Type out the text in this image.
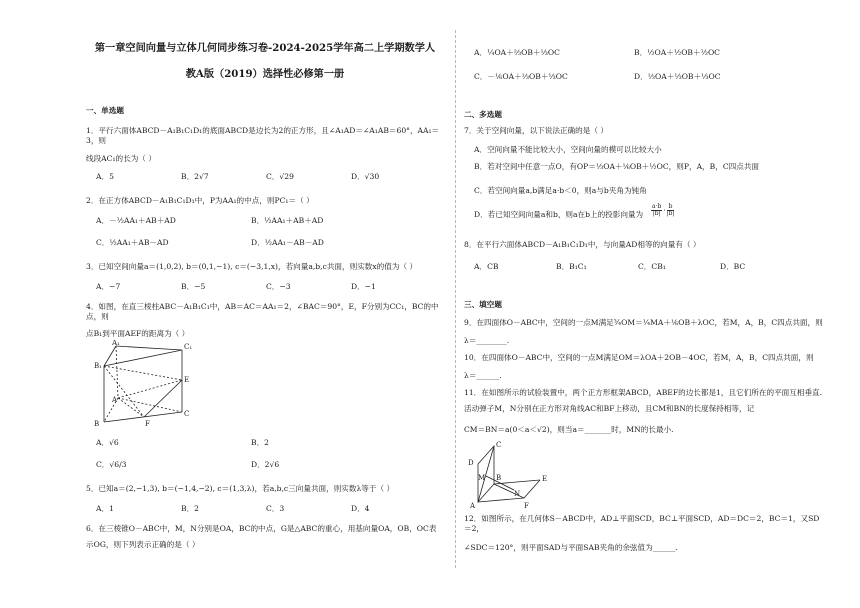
第一章空间向量与立体几何同步练习卷-2024-2025学年高二上学期数学人
教A版（2019）选择性必修第一册
一、单选题
1．平行六面体ABCD－A₁B₁C₁D₁的底面ABCD是边长为2的正方形，且∠A₁AD＝∠A₁AB＝60°，AA₁＝3，则
线段AC₁的长为（ ）
A．5	B．2√7	C．√29	D．√30
2．在正方体ABCD－A₁B₁C₁D₁中，P为AA₁的中点，则PC₁＝（ ）
A．－½AA₁＋AB＋AD	B．½AA₁＋AB＋AD
C．½AA₁＋AB－AD	D．½AA₁－AB－AD
3．已知空间向量a＝(1,0,2), b＝(0,1,−1), c＝(−3,1,x)，若向量a,b,c共面，则实数x的值为（ ）
A．−7	B．−5	C．−3	D．−1
4．如图，在直三棱柱ABC－A₁B₁C₁中，AB＝AC＝AA₁＝2，∠BAC＝90°，E，F分别为CC₁，BC的中点，则
点B₁到平面AEF的距离为（ ）
A₁	C₁
B₁
A
E
C
F
B
A．√6	B．2
C．√6/3	D．2√6
5．已知a＝(2,−1,3), b＝(−1,4,−2), c＝(1,3,λ)，若a,b,c三向量共面，则实数λ等于（ ）
A．1	B．2	C．3	D．4
6．在三棱锥O－ABC中，M，N分别是OA，BC的中点，G是△ABC的重心，用基向量OA，OB，OC表
示OG，则下列表示正确的是（ ）
A．¼OA＋⅔OB＋⅓OC	B．½OA＋½OB＋½OC
C．－⅙OA＋⅓OB＋⅓OC	D．⅓OA＋⅓OB＋⅓OC
二、多选题
7．关于空间向量，以下说法正确的是（ ）
A．空间向量不能比较大小，空间向量的模可以比较大小
B．若对空间中任意一点O，有OP＝⅓OA＋⅙OB＋½OC，则P，A，B，C四点共面
C．若空间向量a,b满足a·b＜0，则a与b夹角为钝角
D．若已知空间向量a和b，则a在b上的投影向量为 $\frac{a\cdot b}{|b|} \cdot \frac{b}{|b|}$
8．在平行六面体ABCD－A₁B₁C₁D₁中，与向量AD相等的向量有（ ）
A．CB	B．B₁C₁	C．CB₁	D．BC
三、填空题
9．在四面体O－ABC中，空间的一点M满足¾OM＝¼MA＋⅙OB＋λOC，若M，A，B，C四点共面，则
λ＝________.
10．在四面体O－ABC中，空间的一点M满足OM＝λOA＋2OB－4OC，若M，A，B，C四点共面，则
λ＝______.
11．在如图所示的试验装置中，两个正方形框架ABCD，ABEF的边长都是1，且它们所在的平面互相垂直.
活动弹子M，N分别在正方形对角线AC和BF上移动，且CM和BN的长度保持相等，记
CM＝BN＝a(0＜a＜√2)，则当a＝_______时，MN的长最小.
C
D
B	E
M
N
A	F
12．如图所示，在几何体S－ABCD中，AD⊥平面SCD，BC⊥平面SCD，AD＝DC＝2，BC＝1，又SD＝2，
∠SDC＝120°，则平面SAD与平面SAB夹角的余弦值为______.
